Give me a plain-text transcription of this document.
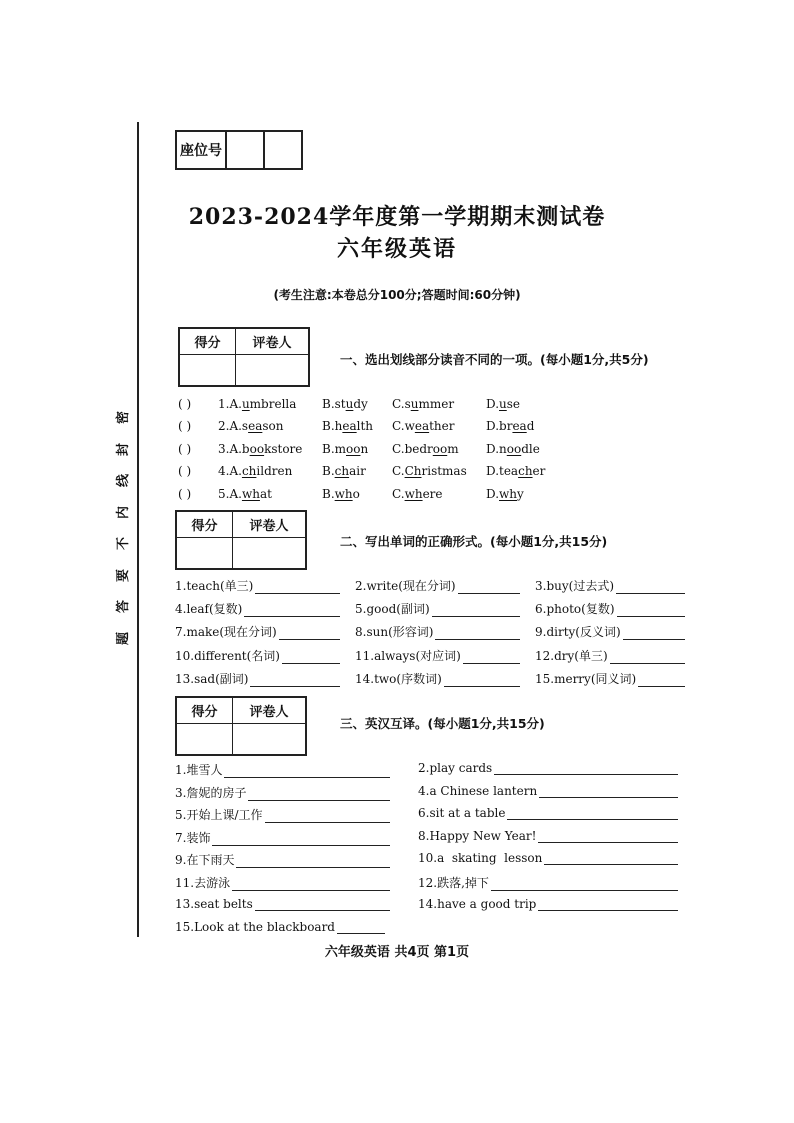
密
封
线
内
不
要
答
题
座位号
2023-2024学年度第一学期期末测试卷
六年级英语
(考生注意:本卷总分100分;答题时间:60分钟)
得分	评卷人
一、选出划线部分读音不同的一项。(每小题1分,共5分)
( ) 1.A.umbrella B.study C.summer	D.use
( ) 2.A.season	B.health C.weather	D.bread
( ) 3.A.bookstore B.moon C.bedroom D.noodle
( ) 4.A.children B.chair C.Christmas D.teacher
( ) 5.A.what	B.who	C.where	D.why
得分	评卷人
二、写出单词的正确形式。(每小题1分,共15分)
1.teach(单三)	2.write(现在分词)	3.buy(过去式)
4.leaf(复数)	5.good(副词)	6.photo(复数)
7.make(现在分词)	8.sun(形容词)	9.dirty(反义词)
10.different(名词)	11.always(对应词)	12.dry(单三)
13.sad(副词)	14.two(序数词)	15.merry(同义词)
得分	评卷人
三、英汉互译。(每小题1分,共15分)
1.堆雪人	2.play cards
3.詹妮的房子	4.a Chinese lantern
5.开始上课/工作	6.sit at a table
7.装饰	8.Happy New Year!
9.在下雨天	10.a  skating  lesson
11.去游泳	12.跌落,掉下
13.seat belts	14.have a good trip
15.Look at the blackboard
六年级英语 共4页 第1页
